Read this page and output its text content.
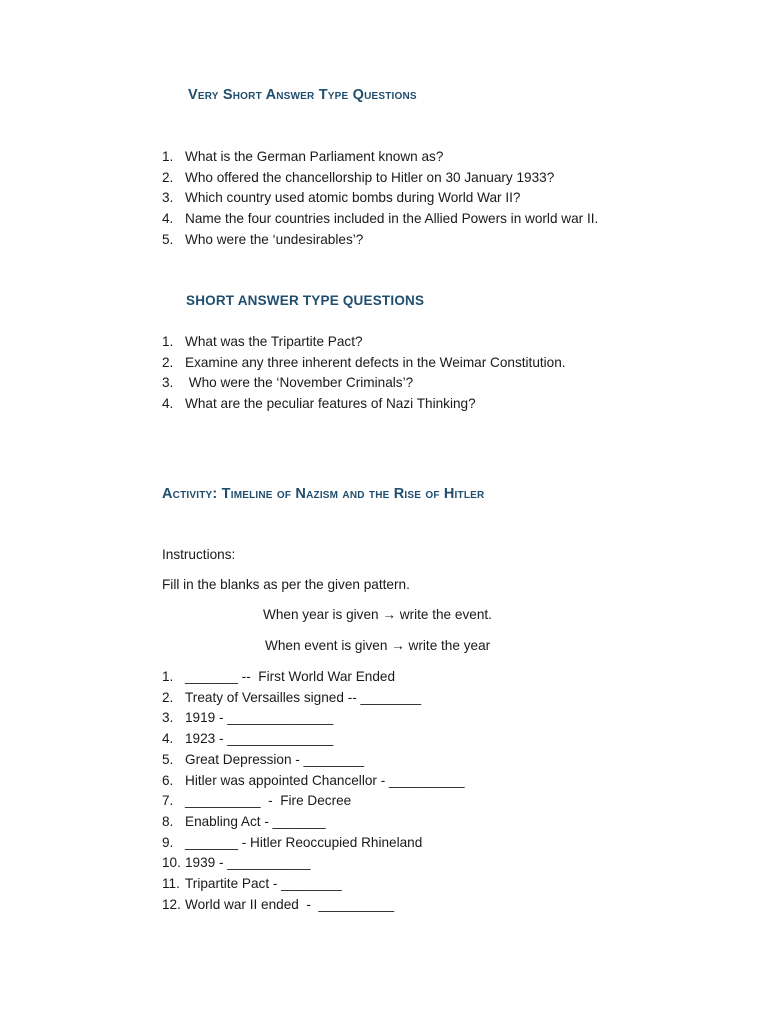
Very Short Answer Type Questions
1. What is the German Parliament known as?
2. Who offered the chancellorship to Hitler on 30 January 1933?
3. Which country used atomic bombs during World War II?
4. Name the four countries included in the Allied Powers in world war II.
5. Who were the ‘undesirables’?
SHORT ANSWER TYPE QUESTIONS
1. What was the Tripartite Pact?
2. Examine any three inherent defects in the Weimar Constitution.
3. Who were the ‘November Criminals’?
4. What are the peculiar features of Nazi Thinking?
Activity: Timeline of Nazism and the Rise of Hitler
Instructions:
Fill in the blanks as per the given pattern.
When year is given → write the event.
When event is given → write the year
1. _______ --  First World War Ended
2. Treaty of Versailles signed -- ________
3. 1919 - ______________
4. 1923 - ______________
5. Great Depression - ________
6. Hitler was appointed Chancellor - __________
7. __________  -  Fire Decree
8. Enabling Act - _______
9. _______ - Hitler Reoccupied Rhineland
10. 1939 - ___________
11. Tripartite Pact - ________
12. World war II ended  -  __________
